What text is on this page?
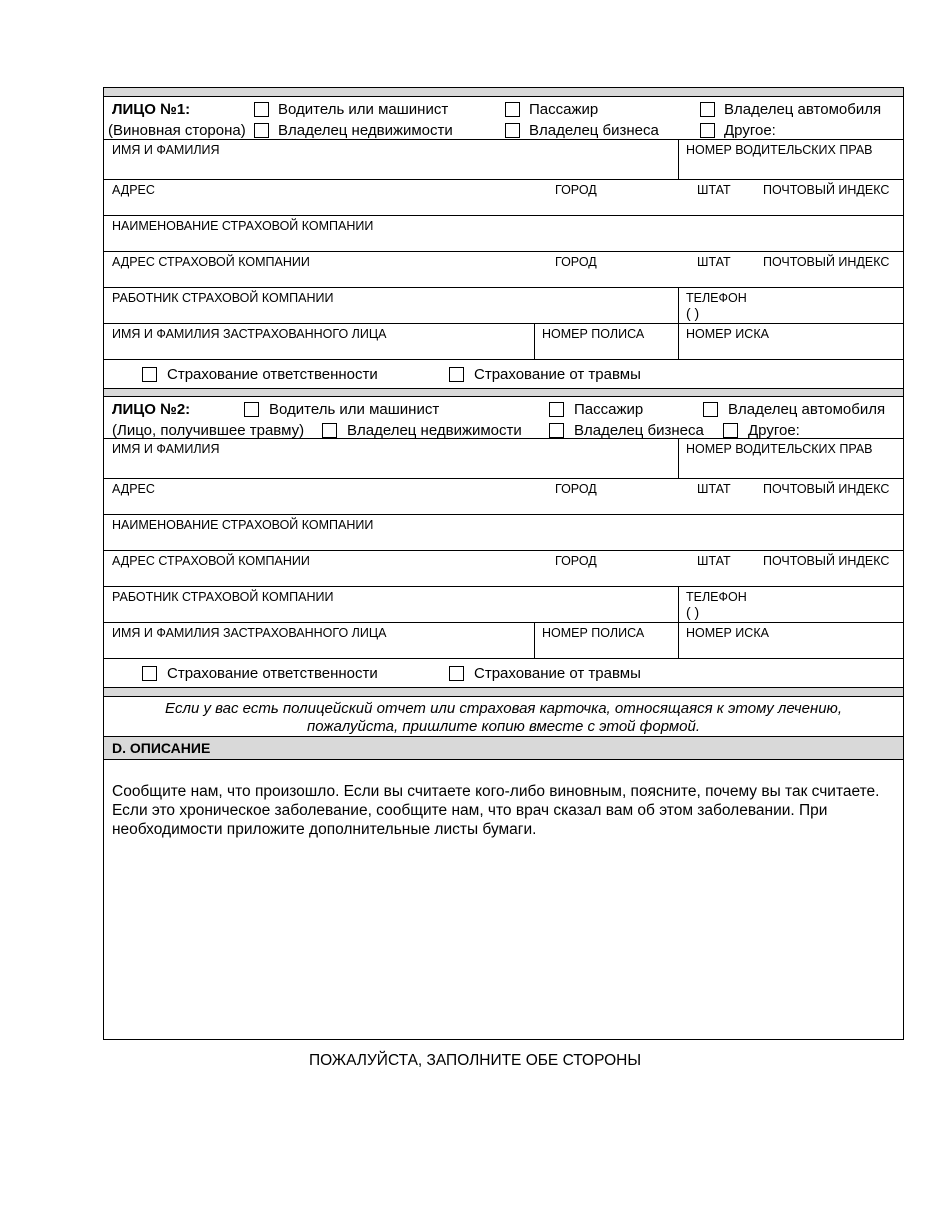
ЛИЦО №1:
(Виновная сторона)
Водитель или машинист	Пассажир	Владелец автомобиля
Владелец недвижимости	Владелец бизнеса	Другое:
ИМЯ И ФАМИЛИЯ	НОМЕР ВОДИТЕЛЬСКИХ ПРАВ
АДРЕС	ГОРОД	ШТАТ	ПОЧТОВЫЙ ИНДЕКС
НАИМЕНОВАНИЕ СТРАХОВОЙ КОМПАНИИ
АДРЕС СТРАХОВОЙ КОМПАНИИ	ГОРОД	ШТАТ	ПОЧТОВЫЙ ИНДЕКС
РАБОТНИК СТРАХОВОЙ КОМПАНИИ	ТЕЛЕФОН
( )
ИМЯ И ФАМИЛИЯ ЗАСТРАХОВАННОГО ЛИЦА	НОМЕР ПОЛИСА	НОМЕР ИСКА
Страхование ответственности	Страхование от травмы
ЛИЦО №2:
(Лицо, получившее травму)
Водитель или машинист	Пассажир	Владелец автомобиля
Владелец недвижимости	Владелец бизнеса	Другое:
ИМЯ И ФАМИЛИЯ	НОМЕР ВОДИТЕЛЬСКИХ ПРАВ
АДРЕС	ГОРОД	ШТАТ	ПОЧТОВЫЙ ИНДЕКС
НАИМЕНОВАНИЕ СТРАХОВОЙ КОМПАНИИ
АДРЕС СТРАХОВОЙ КОМПАНИИ	ГОРОД	ШТАТ	ПОЧТОВЫЙ ИНДЕКС
РАБОТНИК СТРАХОВОЙ КОМПАНИИ	ТЕЛЕФОН
( )
ИМЯ И ФАМИЛИЯ ЗАСТРАХОВАННОГО ЛИЦА	НОМЕР ПОЛИСА	НОМЕР ИСКА
Страхование ответственности	Страхование от травмы
Если у вас есть полицейский отчет или страховая карточка, относящаяся к этому лечению,
пожалуйста, пришлите копию вместе с этой формой.
D. ОПИСАНИЕ

Сообщите нам, что произошло. Если вы считаете кого-либо виновным, поясните, почему вы так считаете.
Если это хроническое заболевание, сообщите нам, что врач сказал вам об этом заболевании. При
необходимости приложите дополнительные листы бумаги.

ПОЖАЛУЙСТА, ЗАПОЛНИТЕ ОБЕ СТОРОНЫ
